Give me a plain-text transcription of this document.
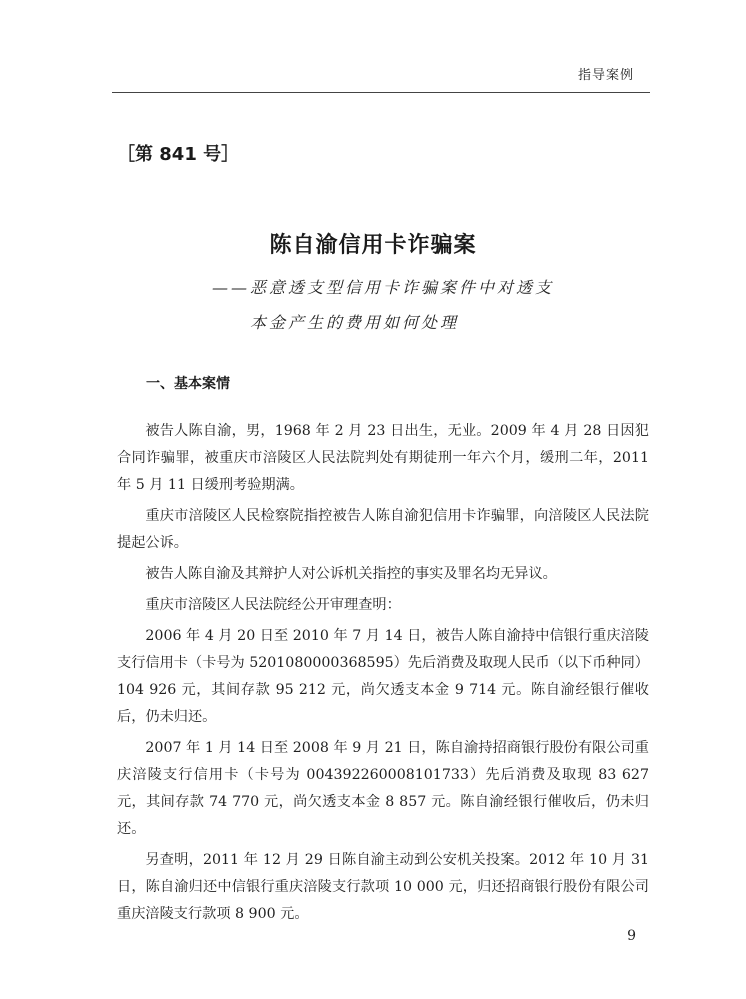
指导案例
［第 841 号］
陈自渝信用卡诈骗案
——恶意透支型信用卡诈骗案件中对透支
本金产生的费用如何处理
一、基本案情

被告人陈自渝，男，1968 年 2 月 23 日出生，无业。2009 年 4 月 28 日因犯合同诈骗罪，被重庆市涪陵区人民法院判处有期徒刑一年六个月，缓刑二年，2011 年 5 月 11 日缓刑考验期满。

重庆市涪陵区人民检察院指控被告人陈自渝犯信用卡诈骗罪，向涪陵区人民法院提起公诉。

被告人陈自渝及其辩护人对公诉机关指控的事实及罪名均无异议。

重庆市涪陵区人民法院经公开审理查明：

2006 年 4 月 20 日至 2010 年 7 月 14 日，被告人陈自渝持中信银行重庆涪陵支行信用卡（卡号为 5201080000368595）先后消费及取现人民币（以下币种同）104 926 元，其间存款 95 212 元，尚欠透支本金 9 714 元。陈自渝经银行催收后，仍未归还。

2007 年 1 月 14 日至 2008 年 9 月 21 日，陈自渝持招商银行股份有限公司重庆涪陵支行信用卡（卡号为 004392260008101733）先后消费及取现 83 627元，其间存款 74 770 元，尚欠透支本金 8 857 元。陈自渝经银行催收后，仍未归还。

另查明，2011 年 12 月 29 日陈自渝主动到公安机关投案。2012 年 10 月 31 日，陈自渝归还中信银行重庆涪陵支行款项 10 000 元，归还招商银行股份有限公司重庆涪陵支行款项 8 900 元。

9
